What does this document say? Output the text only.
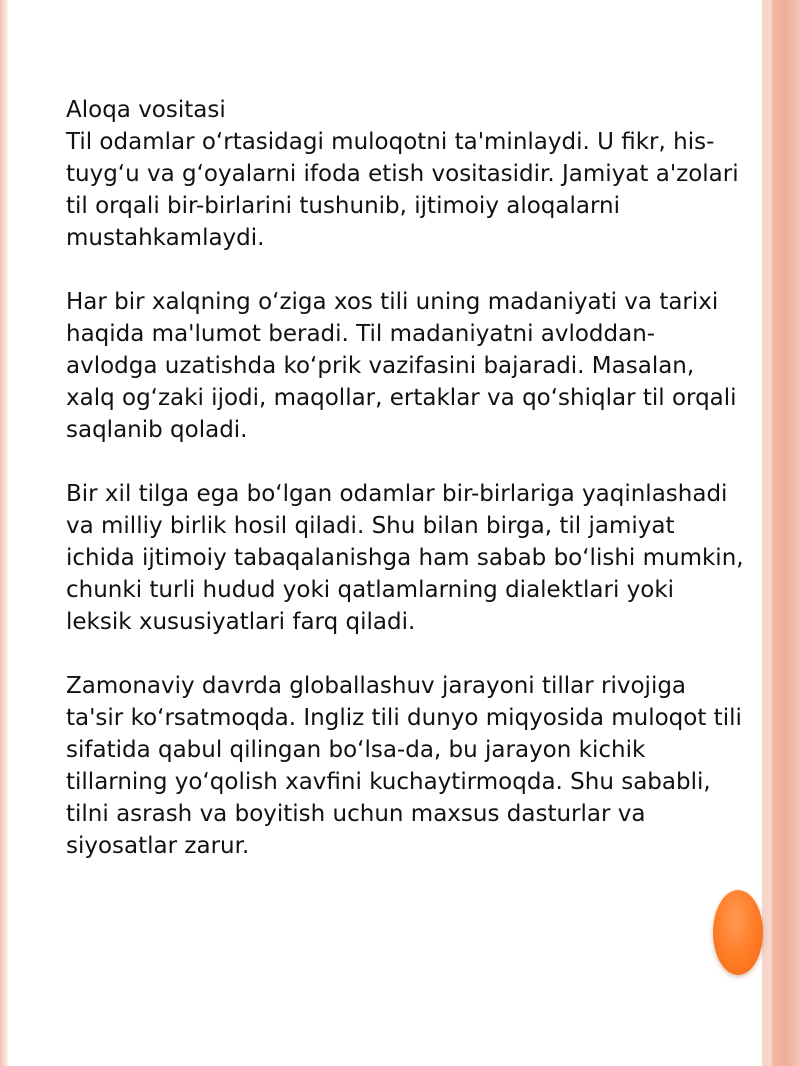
Aloqa vositasi

Til odamlar o‘rtasidagi muloqotni ta'minlaydi. U fikr, his-tuyg‘u va g‘oyalarni ifoda etish vositasidir. Jamiyat a'zolari til orqali bir-birlarini tushunib, ijtimoiy aloqalarni mustahkamlaydi.

Har bir xalqning o‘ziga xos tili uning madaniyati va tarixi haqida ma'lumot beradi. Til madaniyatni avloddan-avlodga uzatishda ko‘prik vazifasini bajaradi. Masalan, xalq og‘zaki ijodi, maqollar, ertaklar va qo‘shiqlar til orqali saqlanib qoladi.

Bir xil tilga ega bo‘lgan odamlar bir-birlariga yaqinlashadi va milliy birlik hosil qiladi. Shu bilan birga, til jamiyat ichida ijtimoiy tabaqalanishga ham sabab bo‘lishi mumkin, chunki turli hudud yoki qatlamlarning dialektlari yoki leksik xususiyatlari farq qiladi.

Zamonaviy davrda globallashuv jarayoni tillar rivojiga ta'sir ko‘rsatmoqda. Ingliz tili dunyo miqyosida muloqot tili sifatida qabul qilingan bo‘lsa-da, bu jarayon kichik tillarning yo‘qolish xavfini kuchaytirmoqda. Shu sababli, tilni asrash va boyitish uchun maxsus dasturlar va siyosatlar zarur.
